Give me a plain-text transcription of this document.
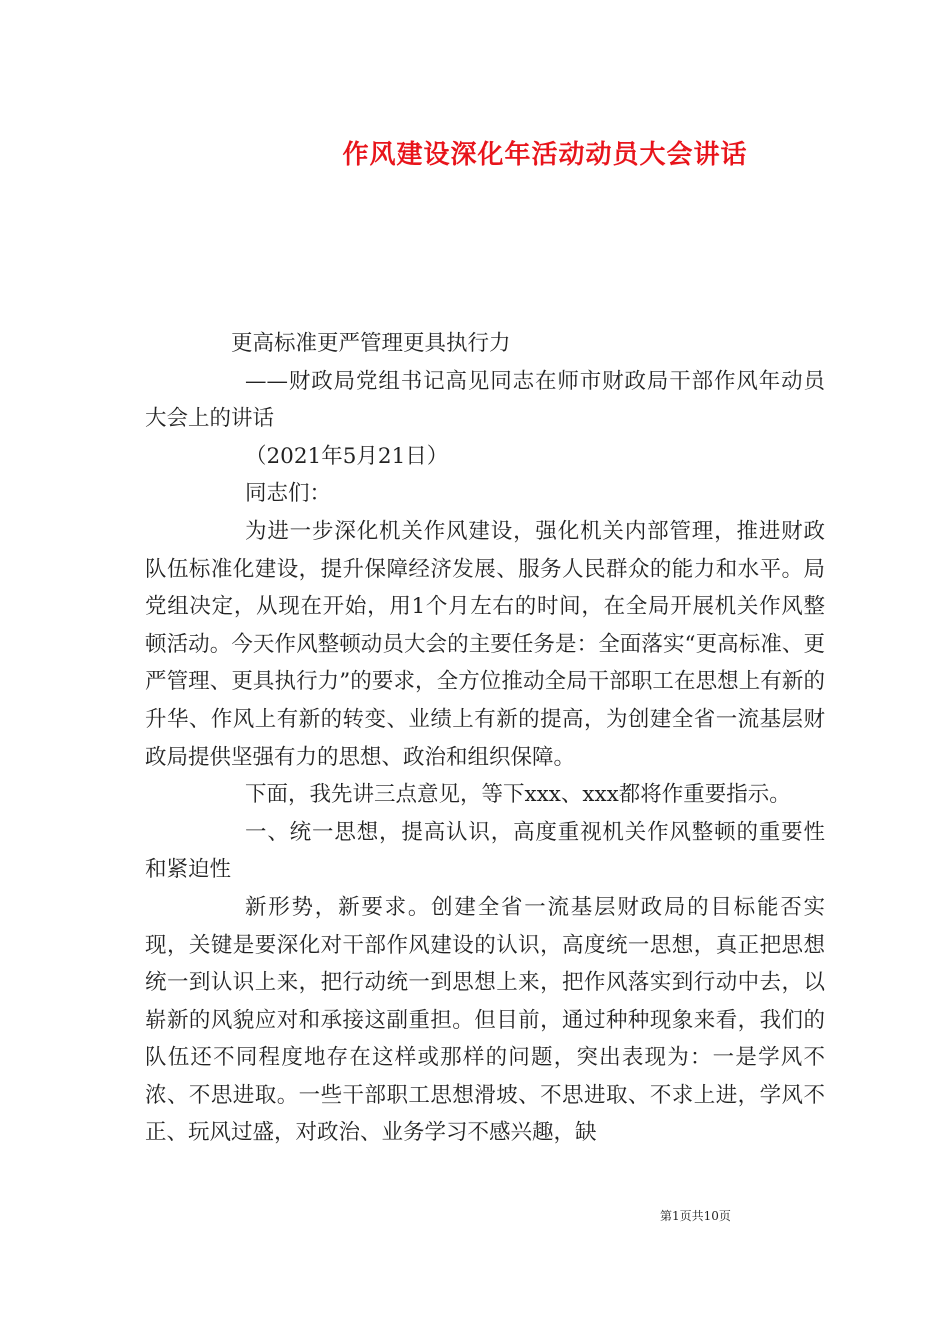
作风建设深化年活动动员大会讲话

更高标准更严管理更具执行力

——财政局党组书记高见同志在师市财政局干部作风年动员大会上的讲话

（2021年5月21日）

同志们：

为进一步深化机关作风建设，强化机关内部管理，推进财政队伍标准化建设，提升保障经济发展、服务人民群众的能力和水平。局党组决定，从现在开始，用1个月左右的时间，在全局开展机关作风整顿活动。今天作风整顿动员大会的主要任务是：全面落实“更高标准、更严管理、更具执行力”的要求，全方位推动全局干部职工在思想上有新的升华、作风上有新的转变、业绩上有新的提高，为创建全省一流基层财政局提供坚强有力的思想、政治和组织保障。

下面，我先讲三点意见，等下xxx、xxx都将作重要指示。

一、统一思想，提高认识，高度重视机关作风整顿的重要性和紧迫性

新形势，新要求。创建全省一流基层财政局的目标能否实现，关键是要深化对干部作风建设的认识，高度统一思想，真正把思想统一到认识上来，把行动统一到思想上来，把作风落实到行动中去，以崭新的风貌应对和承接这副重担。但目前，通过种种现象来看，我们的队伍还不同程度地存在这样或那样的问题，突出表现为：一是学风不浓、不思进取。一些干部职工思想滑坡、不思进取、不求上进，学风不正、玩风过盛，对政治、业务学习不感兴趣，缺

第1页共10页
